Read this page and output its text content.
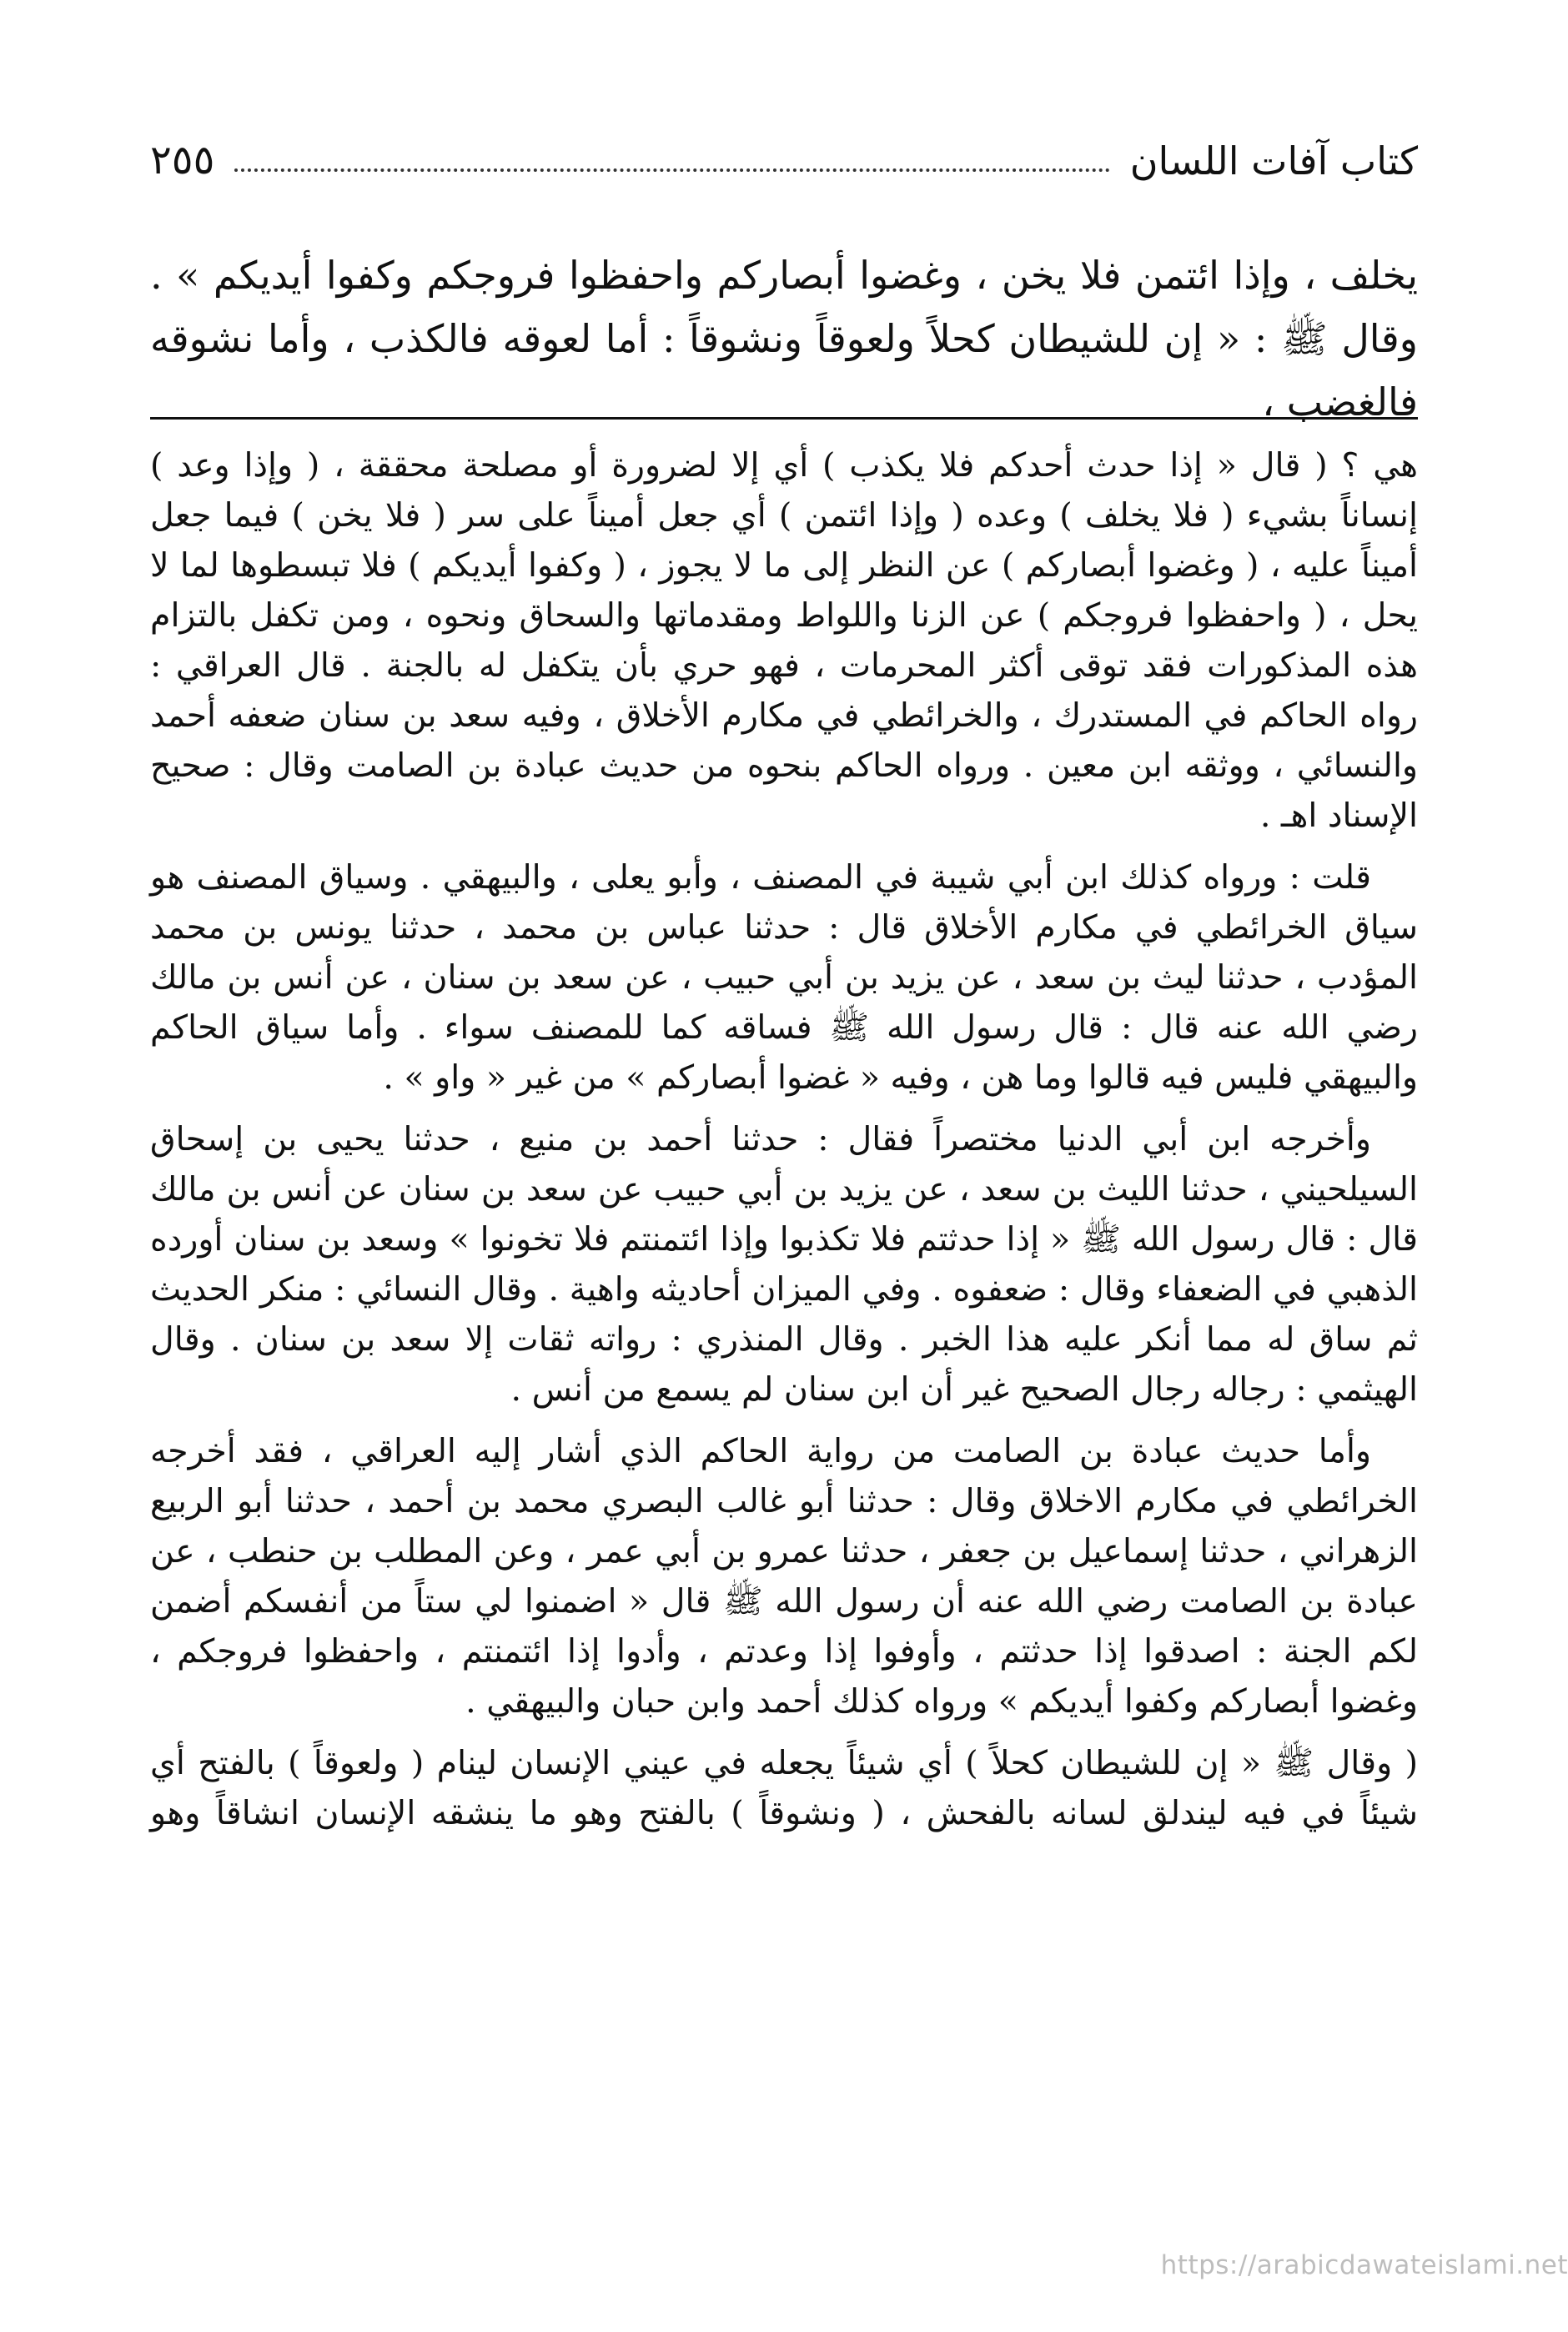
كتاب آفات اللسان
٢٥٥

يخلف ، وإذا ائتمن فلا يخن ، وغضوا أبصاركم واحفظوا فروجكم وكفوا أيديكم » . وقال ﷺ : « إن للشيطان كحلاً ولعوقاً ونشوقاً : أما لعوقه فالكذب ، وأما نشوقه فالغضب ،

هي ؟ ( قال « إذا حدث أحدكم فلا يكذب ) أي إلا لضرورة أو مصلحة محققة ، ( وإذا وعد ) إنساناً بشيء ( فلا يخلف ) وعده ( وإذا ائتمن ) أي جعل أميناً على سر ( فلا يخن ) فيما جعل أميناً عليه ، ( وغضوا أبصاركم ) عن النظر إلى ما لا يجوز ، ( وكفوا أيديكم ) فلا تبسطوها لما لا يحل ، ( واحفظوا فروجكم ) عن الزنا واللواط ومقدماتها والسحاق ونحوه ، ومن تكفل بالتزام هذه المذكورات فقد توقى أكثر المحرمات ، فهو حري بأن يتكفل له بالجنة . قال العراقي : رواه الحاكم في المستدرك ، والخرائطي في مكارم الأخلاق ، وفيه سعد بن سنان ضعفه أحمد والنسائي ، ووثقه ابن معين . ورواه الحاكم بنحوه من حديث عبادة بن الصامت وقال : صحيح الإسناد اهـ .

قلت : ورواه كذلك ابن أبي شيبة في المصنف ، وأبو يعلى ، والبيهقي . وسياق المصنف هو سياق الخرائطي في مكارم الأخلاق قال : حدثنا عباس بن محمد ، حدثنا يونس بن محمد المؤدب ، حدثنا ليث بن سعد ، عن يزيد بن أبي حبيب ، عن سعد بن سنان ، عن أنس بن مالك رضي الله عنه قال : قال رسول الله ﷺ فساقه كما للمصنف سواء . وأما سياق الحاكم والبيهقي فليس فيه قالوا وما هن ، وفيه « غضوا أبصاركم » من غير « واو » .

وأخرجه ابن أبي الدنيا مختصراً فقال : حدثنا أحمد بن منيع ، حدثنا يحيى بن إسحاق السيلحيني ، حدثنا الليث بن سعد ، عن يزيد بن أبي حبيب عن سعد بن سنان عن أنس بن مالك قال : قال رسول الله ﷺ « إذا حدثتم فلا تكذبوا وإذا ائتمنتم فلا تخونوا » وسعد بن سنان أورده الذهبي في الضعفاء وقال : ضعفوه . وفي الميزان أحاديثه واهية . وقال النسائي : منكر الحديث ثم ساق له مما أنكر عليه هذا الخبر . وقال المنذري : رواته ثقات إلا سعد بن سنان . وقال الهيثمي : رجاله رجال الصحيح غير أن ابن سنان لم يسمع من أنس .

وأما حديث عبادة بن الصامت من رواية الحاكم الذي أشار إليه العراقي ، فقد أخرجه الخرائطي في مكارم الاخلاق وقال : حدثنا أبو غالب البصري محمد بن أحمد ، حدثنا أبو الربيع الزهراني ، حدثنا إسماعيل بن جعفر ، حدثنا عمرو بن أبي عمر ، وعن المطلب بن حنطب ، عن عبادة بن الصامت رضي الله عنه أن رسول الله ﷺ قال « اضمنوا لي ستاً من أنفسكم أضمن لكم الجنة : اصدقوا إذا حدثتم ، وأوفوا إذا وعدتم ، وأدوا إذا ائتمنتم ، واحفظوا فروجكم ، وغضوا أبصاركم وكفوا أيديكم » ورواه كذلك أحمد وابن حبان والبيهقي .

( وقال ﷺ « إن للشيطان كحلاً ) أي شيئاً يجعله في عيني الإنسان لينام ( ولعوقاً ) بالفتح أي شيئاً في فيه ليندلق لسانه بالفحش ، ( ونشوقاً ) بالفتح وهو ما ينشقه الإنسان انشاقاً وهو

https://arabicdawateislami.net
